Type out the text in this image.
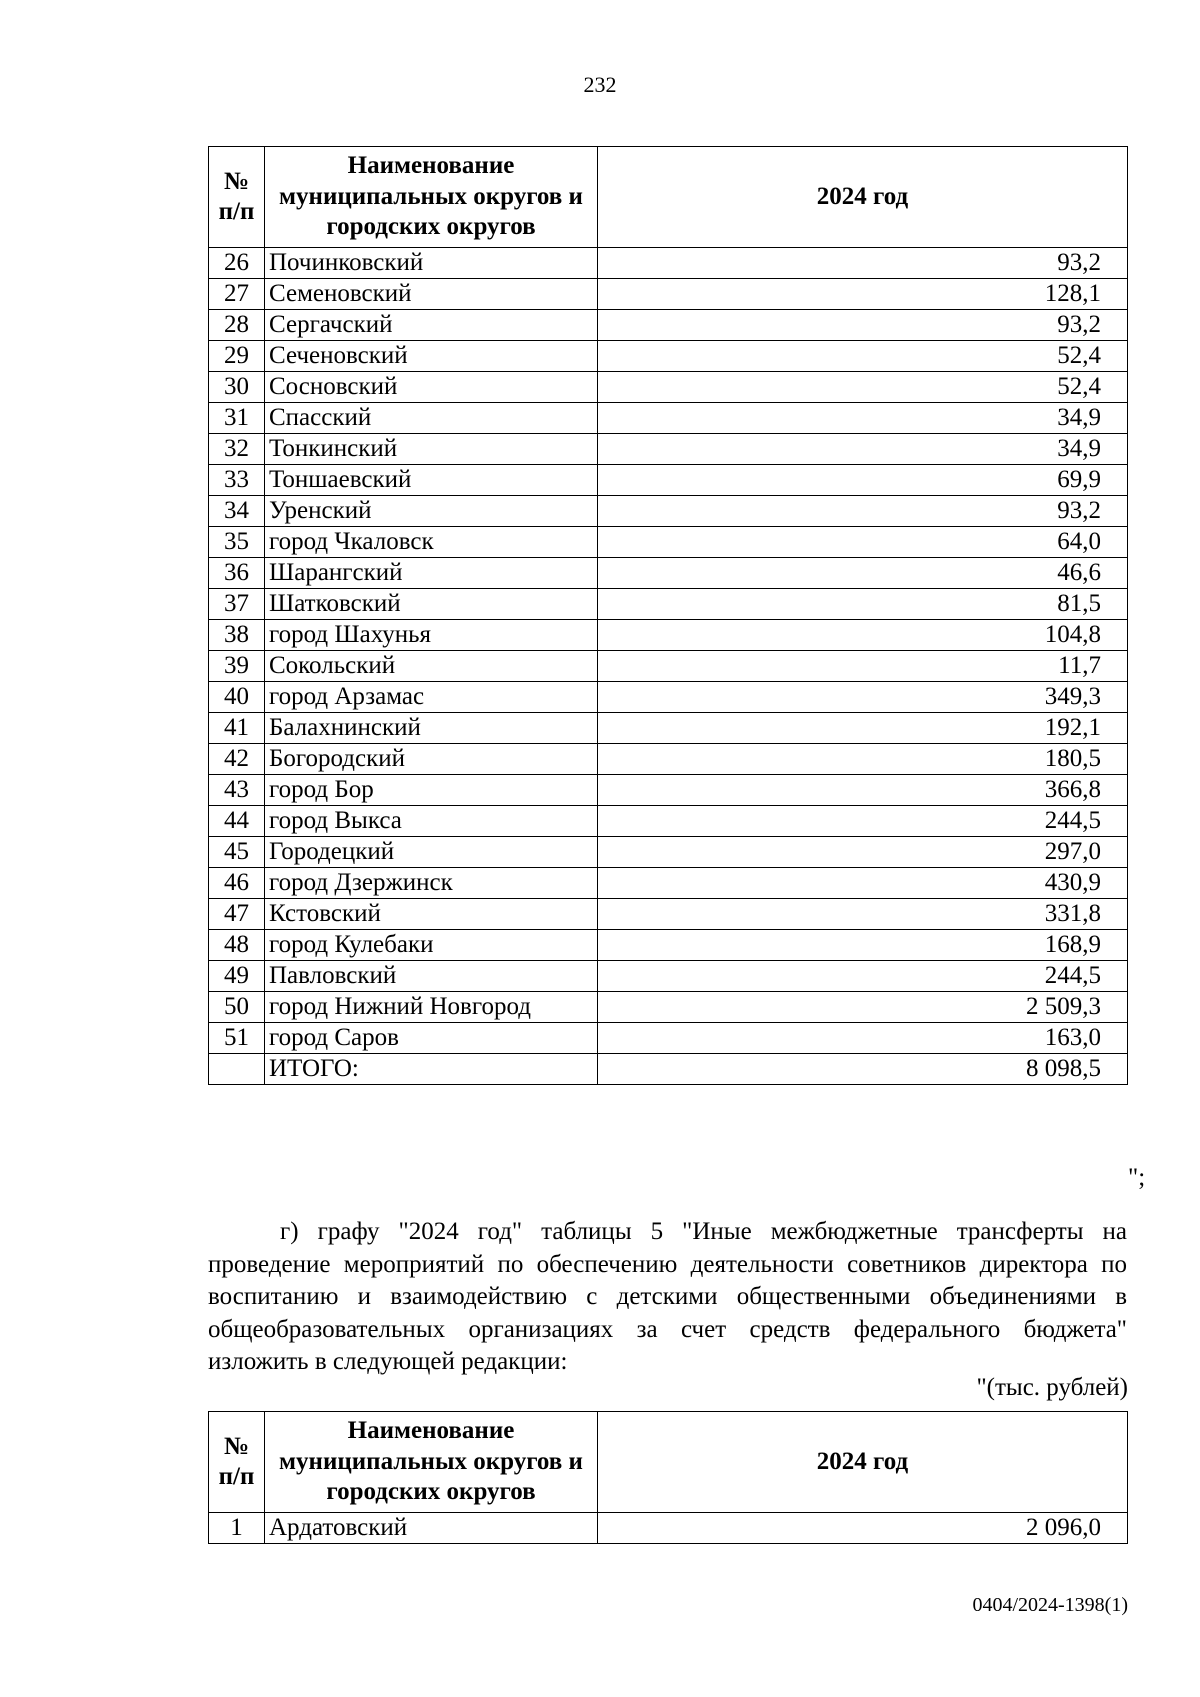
232
№ п/п	Наименование муниципальных округов и городских округов	2024 год
26	Починковский	93,2
27	Семеновский	128,1
28	Сергачский	93,2
29	Сеченовский	52,4
30	Сосновский	52,4
31	Спасский	34,9
32	Тонкинский	34,9
33	Тоншаевский	69,9
34	Уренский	93,2
35	город Чкаловск	64,0
36	Шарангский	46,6
37	Шатковский	81,5
38	город Шахунья	104,8
39	Сокольский	11,7
40	город Арзамас	349,3
41	Балахнинский	192,1
42	Богородский	180,5
43	город Бор	366,8
44	город Выкса	244,5
45	Городецкий	297,0
46	город Дзержинск	430,9
47	Кстовский	331,8
48	город Кулебаки	168,9
49	Павловский	244,5
50	город Нижний Новгород	2 509,3
51	город Саров	163,0
	ИТОГО:	8 098,5
";
г) графу "2024 год" таблицы 5 "Иные межбюджетные трансферты на проведение мероприятий по обеспечению деятельности советников директора по воспитанию и взаимодействию с детскими общественными объединениями в общеобразовательных организациях за счет средств федерального бюджета" изложить в следующей редакции:
"(тыс. рублей)
№ п/п	Наименование муниципальных округов и городских округов	2024 год
1	Ардатовский	2 096,0
0404/2024-1398(1)
